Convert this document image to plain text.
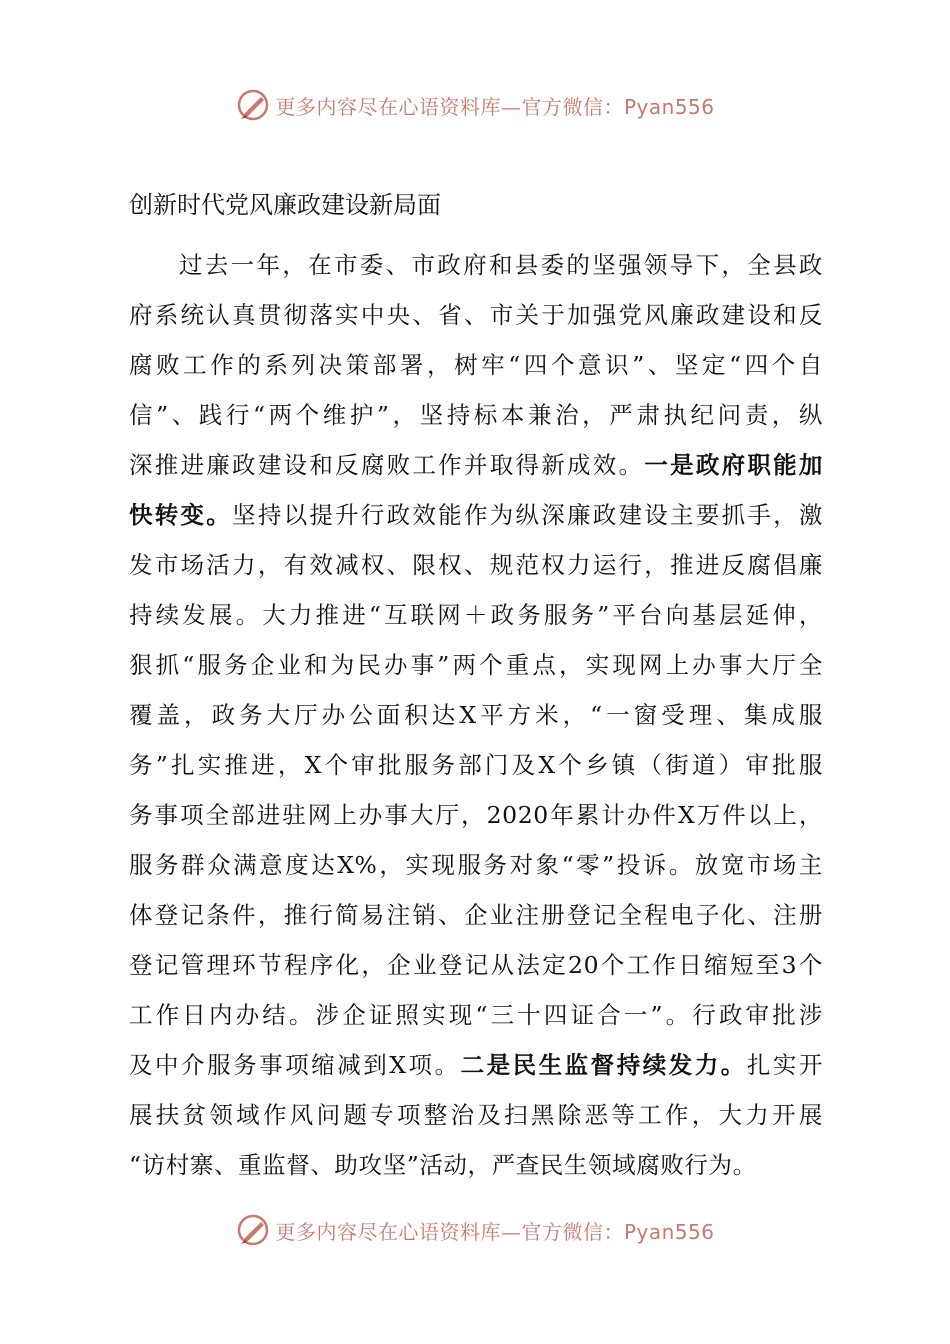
更多内容尽在心语资料库—官方微信：Pyan556
创新时代党风廉政建设新局面
过去一年，在市委、市政府和县委的坚强领导下，全县政
府系统认真贯彻落实中央、省、市关于加强党风廉政建设和反
腐败工作的系列决策部署，树牢“四个意识”、坚定“四个自
信”、践行“两个维护”，坚持标本兼治，严肃执纪问责，纵
深推进廉政建设和反腐败工作并取得新成效。一是政府职能加
快转变。坚持以提升行政效能作为纵深廉政建设主要抓手，激
发市场活力，有效减权、限权、规范权力运行，推进反腐倡廉
持续发展。大力推进“互联网＋政务服务”平台向基层延伸，
狠抓“服务企业和为民办事”两个重点，实现网上办事大厅全
覆盖，政务大厅办公面积达X平方米，“一窗受理、集成服
务”扎实推进，X个审批服务部门及X个乡镇（街道）审批服
务事项全部进驻网上办事大厅，2020年累计办件X万件以上，
服务群众满意度达X%，实现服务对象“零”投诉。放宽市场主
体登记条件，推行简易注销、企业注册登记全程电子化、注册
登记管理环节程序化，企业登记从法定20个工作日缩短至3个
工作日内办结。涉企证照实现“三十四证合一”。行政审批涉
及中介服务事项缩减到X项。二是民生监督持续发力。扎实开
展扶贫领域作风问题专项整治及扫黑除恶等工作，大力开展
“访村寨、重监督、助攻坚”活动，严查民生领域腐败行为。
更多内容尽在心语资料库—官方微信：Pyan556
